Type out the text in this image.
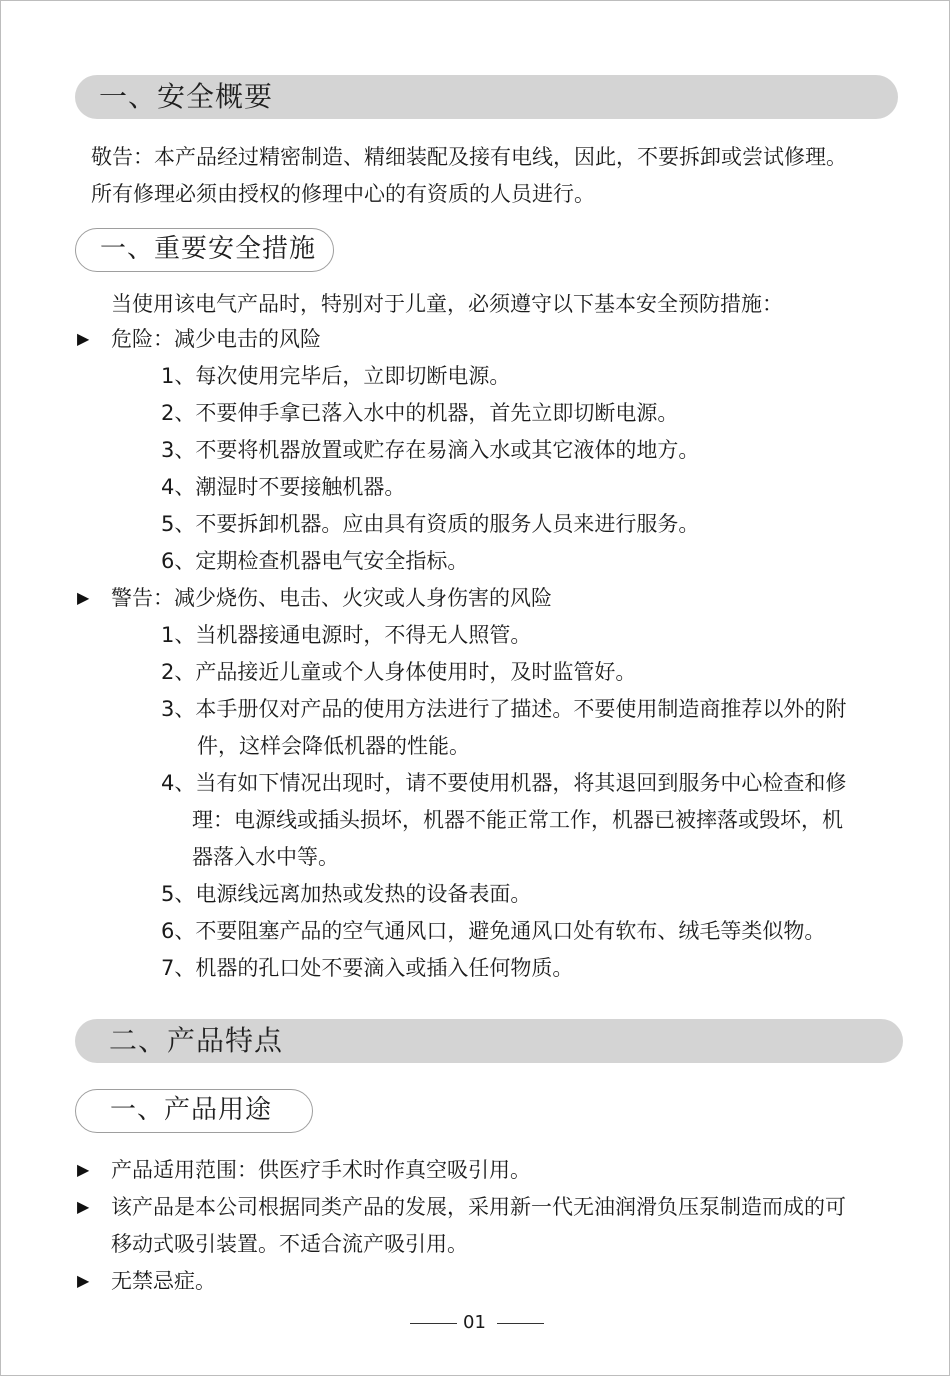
一、安全概要
敬告：本产品经过精密制造、精细装配及接有电线，因此，不要拆卸或尝试修理。
所有修理必须由授权的修理中心的有资质的人员进行。
一、重要安全措施
当使用该电气产品时，特别对于儿童，必须遵守以下基本安全预防措施：
▶ 危险：减少电击的风险
1、每次使用完毕后，立即切断电源。
2、不要伸手拿已落入水中的机器，首先立即切断电源。
3、不要将机器放置或贮存在易滴入水或其它液体的地方。
4、潮湿时不要接触机器。
5、不要拆卸机器。应由具有资质的服务人员来进行服务。
6、定期检查机器电气安全指标。
▶ 警告：减少烧伤、电击、火灾或人身伤害的风险
1、当机器接通电源时，不得无人照管。
2、产品接近儿童或个人身体使用时，及时监管好。
3、本手册仅对产品的使用方法进行了描述。不要使用制造商推荐以外的附
件，这样会降低机器的性能。
4、当有如下情况出现时，请不要使用机器，将其退回到服务中心检查和修
理：电源线或插头损坏，机器不能正常工作，机器已被摔落或毁坏，机
器落入水中等。
5、电源线远离加热或发热的设备表面。
6、不要阻塞产品的空气通风口，避免通风口处有软布、绒毛等类似物。
7、机器的孔口处不要滴入或插入任何物质。
二、产品特点
一、产品用途
▶ 产品适用范围：供医疗手术时作真空吸引用。
▶ 该产品是本公司根据同类产品的发展，采用新一代无油润滑负压泵制造而成的可
移动式吸引装置。不适合流产吸引用。
▶ 无禁忌症。
01
